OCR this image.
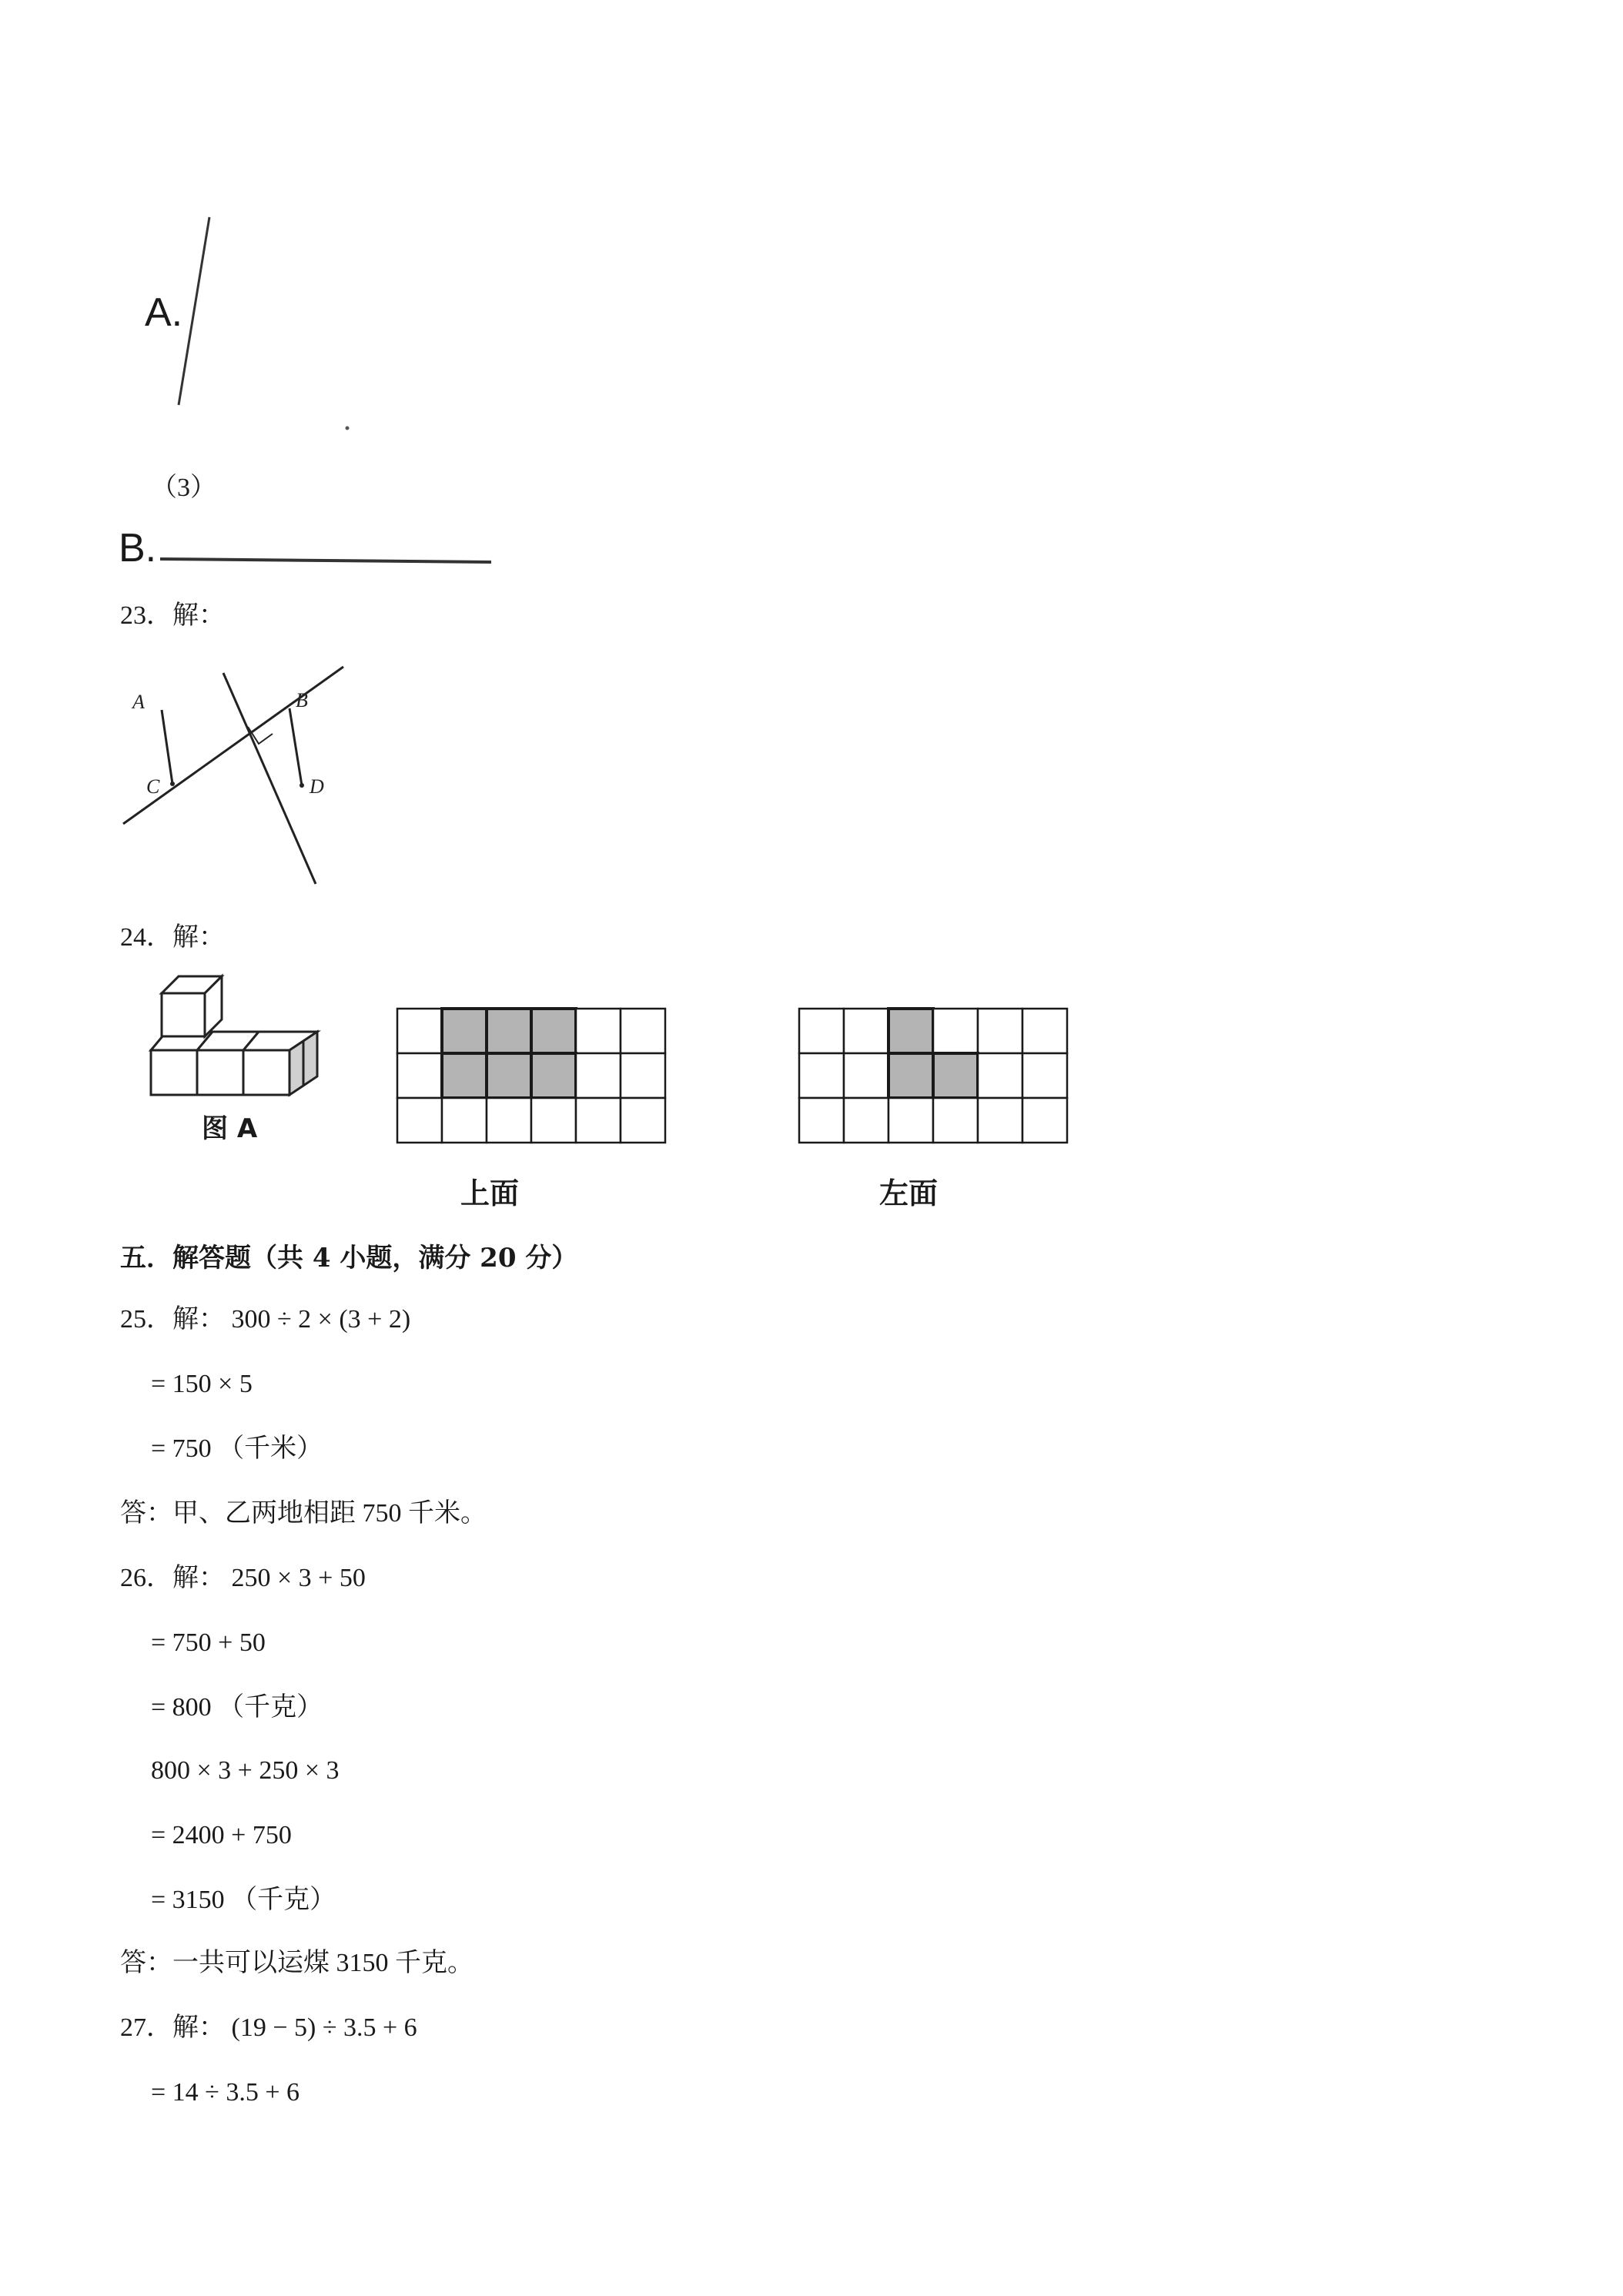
A.
（3）
B.
23．解：
A	B
C	D
24．解：
图 A
上面	左面
五．解答题（共 4 小题，满分 20 分）
25．解： 300 ÷ 2 × (3 + 2)
= 150 × 5
= 750 （千米）
答：甲、乙两地相距 750 千米。
26．解： 250 × 3 + 50
= 750 + 50
= 800 （千克）
800 × 3 + 250 × 3
= 2400 + 750
= 3150 （千克）
答：一共可以运煤 3150 千克。
27．解： (19 − 5) ÷ 3.5 + 6
= 14 ÷ 3.5 + 6
